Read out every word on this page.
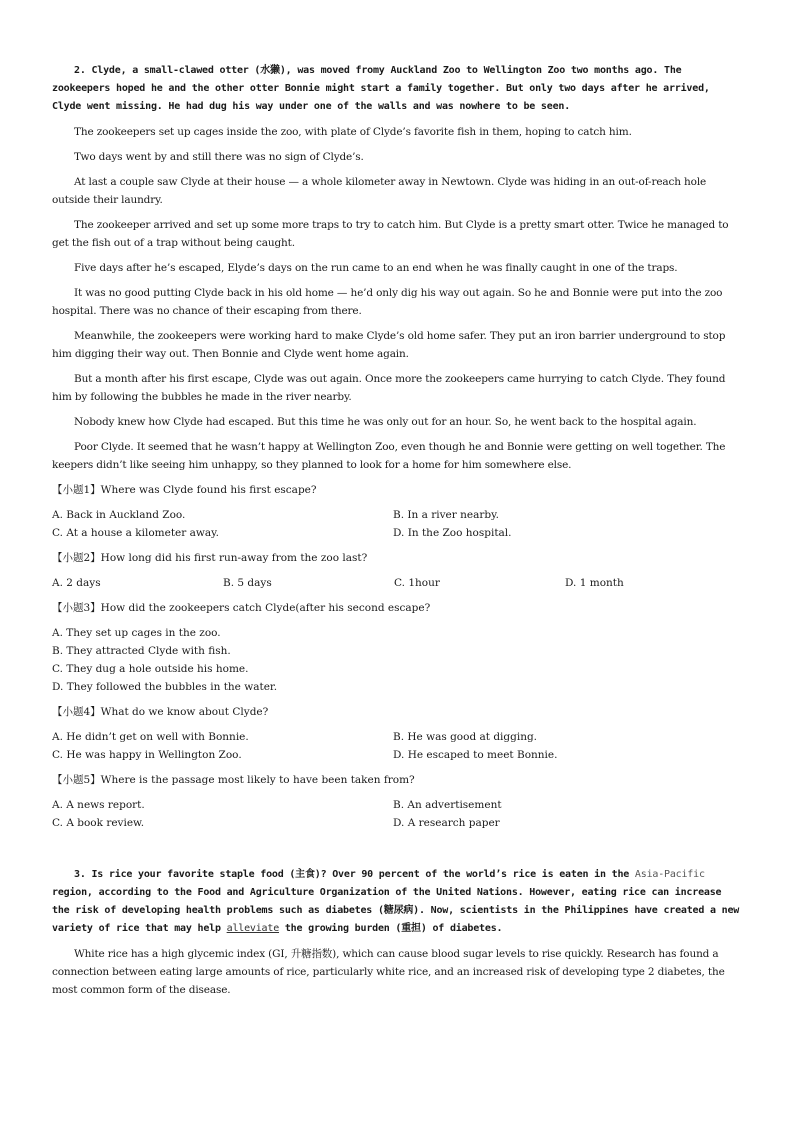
2. Clyde, a small-clawed otter (水獭), was moved fromy Auckland Zoo to Wellington Zoo two months ago. The zookeepers hoped he and the other otter Bonnie might start a family together. But only two days after he arrived, Clyde went missing. He had dug his way under one of the walls and was nowhere to be seen.

The zookeepers set up cages inside the zoo, with plate of Clyde’s favorite fish in them, hoping to catch him.

Two days went by and still there was no sign of Clyde’s.

At last a couple saw Clyde at their house — a whole kilometer away in Newtown. Clyde was hiding in an out-of-reach hole outside their laundry.

The zookeeper arrived and set up some more traps to try to catch him. But Clyde is a pretty smart otter. Twice he managed to get the fish out of a trap without being caught.

Five days after he’s escaped, Elyde’s days on the run came to an end when he was finally caught in one of the traps.

It was no good putting Clyde back in his old home — he’d only dig his way out again. So he and Bonnie were put into the zoo hospital. There was no chance of their escaping from there.

Meanwhile, the zookeepers were working hard to make Clyde’s old home safer. They put an iron barrier underground to stop him digging their way out. Then Bonnie and Clyde went home again.

But a month after his first escape, Clyde was out again. Once more the zookeepers came hurrying to catch Clyde. They found him by following the bubbles he made in the river nearby.

Nobody knew how Clyde had escaped. But this time he was only out for an hour. So, he went back to the hospital again.

Poor Clyde. It seemed that he wasn’t happy at Wellington Zoo, even though he and Bonnie were getting on well together. The keepers didn’t like seeing him unhappy, so they planned to look for a home for him somewhere else.

【小题1】Where was Clyde found his first escape?

A. Back in Auckland Zoo.	B. In a river nearby.
C. At a house a kilometer away.	D. In the Zoo hospital.

【小题2】How long did his first run-away from the zoo last?

A. 2 days	B. 5 days	C. 1hour	D. 1 month

【小题3】How did the zookeepers catch Clyde(after his second escape?

A. They set up cages in the zoo.
B. They attracted Clyde with fish.
C. They dug a hole outside his home.
D. They followed the bubbles in the water.

【小题4】What do we know about Clyde?

A. He didn’t get on well with Bonnie.	B. He was good at digging.
C. He was happy in Wellington Zoo.	D. He escaped to meet Bonnie.

【小题5】Where is the passage most likely to have been taken from?

A. A news report.	B. An advertisement
C. A book review.	D. A research paper

3. Is rice your favorite staple food (主食)? Over 90 percent of the world’s rice is eaten in the Asia-Pacific region, according to the Food and Agriculture Organization of the United Nations. However, eating rice can increase the risk of developing health problems such as diabetes (糖尿病). Now, scientists in the Philippines have created a new variety of rice that may help alleviate the growing burden (重担) of diabetes.

White rice has a high glycemic index (GI, 升糖指数), which can cause blood sugar levels to rise quickly. Research has found a connection between eating large amounts of rice, particularly white rice, and an increased risk of developing type 2 diabetes, the most common form of the disease.
